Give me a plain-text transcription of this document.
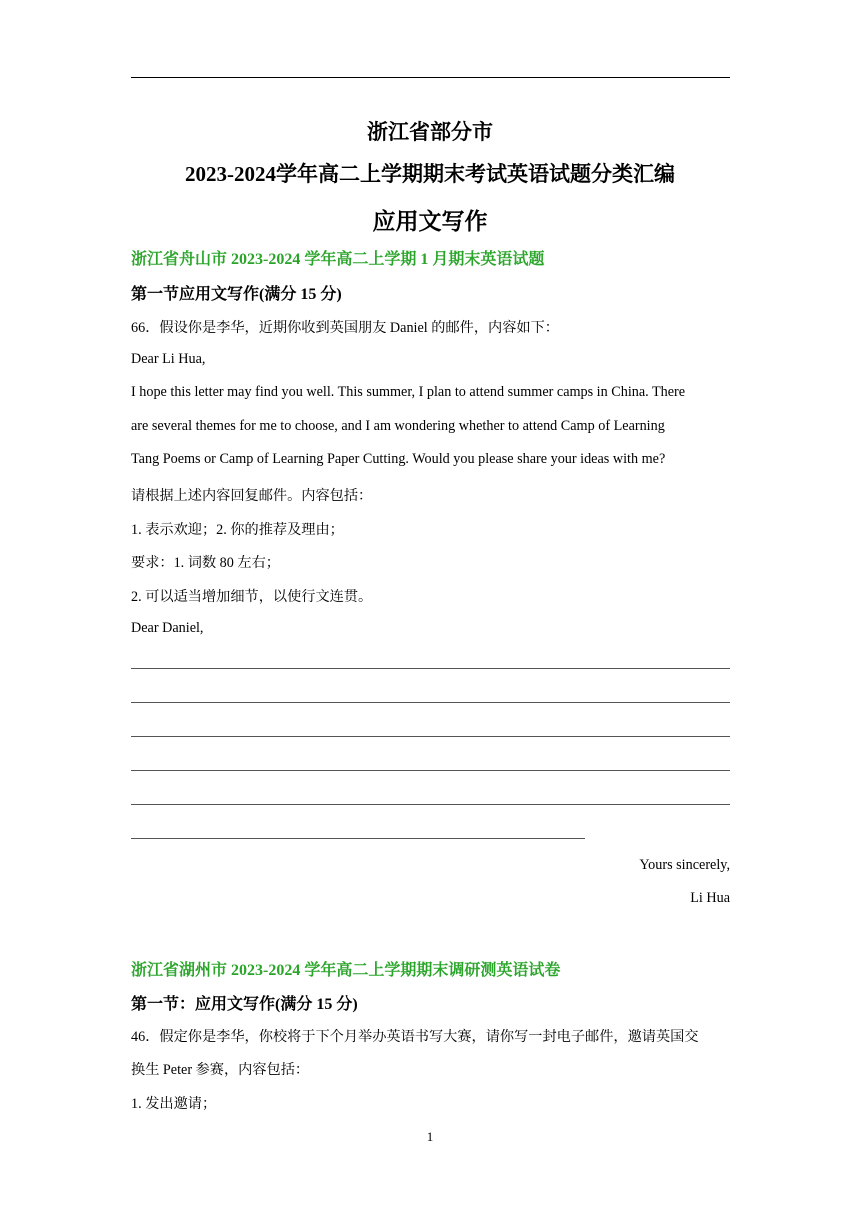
浙江省部分市
2023-2024学年高二上学期期末考试英语试题分类汇编
应用文写作
浙江省舟山市 2023-2024 学年高二上学期 1 月期末英语试题
第一节应用文写作(满分 15 分)
66．假设你是李华，近期你收到英国朋友 Daniel 的邮件，内容如下：
Dear Li Hua,
I hope this letter may find you well. This summer, I plan to attend summer camps in China. There
are several themes for me to choose, and I am wondering whether to attend Camp of Learning
Tang Poems or Camp of Learning Paper Cutting. Would you please share your ideas with me?
请根据上述内容回复邮件。内容包括：
1. 表示欢迎；2. 你的推荐及理由；
要求：1. 词数 80 左右；
2. 可以适当增加细节，以使行文连贯。
Dear Daniel,
Yours sincerely,
Li Hua
浙江省湖州市 2023-2024 学年高二上学期期末调研测英语试卷
第一节：应用文写作(满分 15 分)
46．假定你是李华，你校将于下个月举办英语书写大赛，请你写一封电子邮件，邀请英国交
换生 Peter 参赛，内容包括：
1. 发出邀请；
1
